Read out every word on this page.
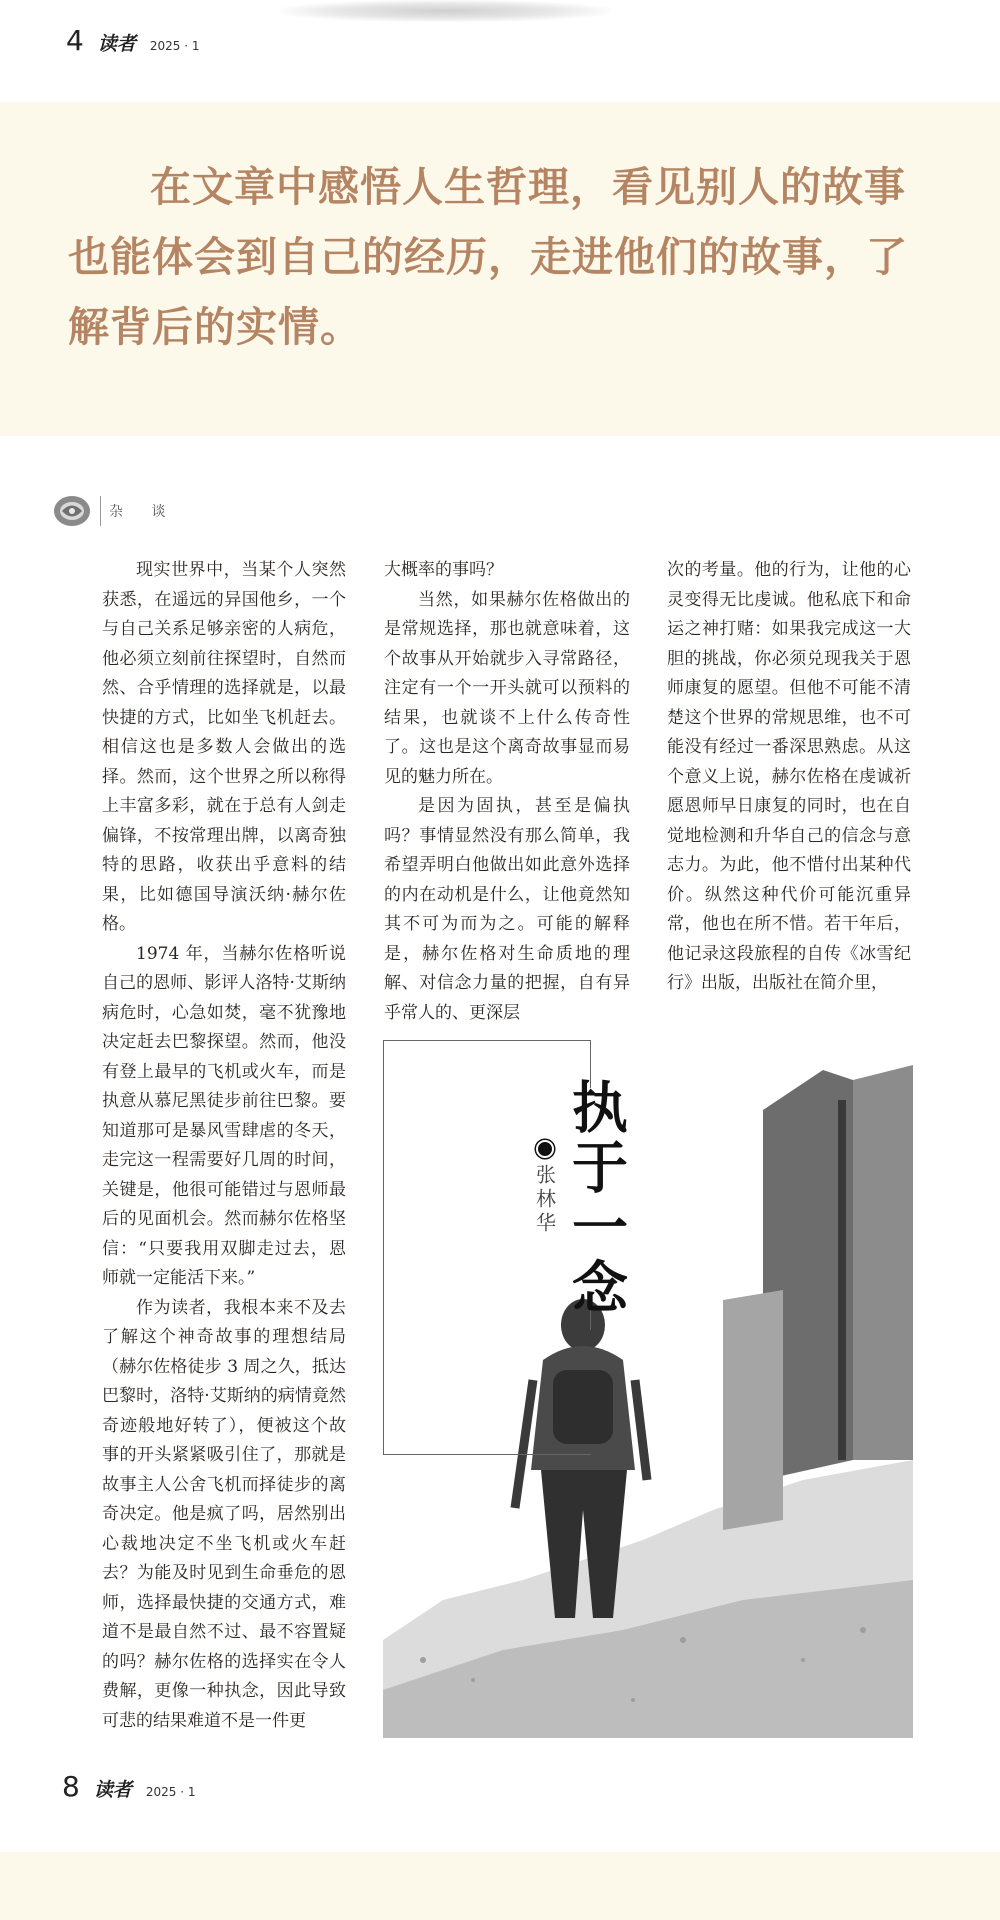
4 读者 2025 · 1
在文章中感悟人生哲理，看见别人的故事也能体会到自己的经历，走进他们的故事，了解背后的实情。
杂 谈

现实世界中，当某个人突然获悉，在遥远的异国他乡，一个与自己关系足够亲密的人病危，他必须立刻前往探望时，自然而然、合乎情理的选择就是，以最快捷的方式，比如坐飞机赶去。相信这也是多数人会做出的选择。然而，这个世界之所以称得上丰富多彩，就在于总有人剑走偏锋，不按常理出牌，以离奇独特的思路，收获出乎意料的结果，比如德国导演沃纳·赫尔佐格。

1974 年，当赫尔佐格听说自己的恩师、影评人洛特·艾斯纳病危时，心急如焚，毫不犹豫地决定赶去巴黎探望。然而，他没有登上最早的飞机或火车，而是执意从慕尼黑徒步前往巴黎。要知道那可是暴风雪肆虐的冬天，走完这一程需要好几周的时间，关键是，他很可能错过与恩师最后的见面机会。然而赫尔佐格坚信：“只要我用双脚走过去，恩师就一定能活下来。”

作为读者，我根本来不及去了解这个神奇故事的理想结局（赫尔佐格徒步 3 周之久，抵达巴黎时，洛特·艾斯纳的病情竟然奇迹般地好转了），便被这个故事的开头紧紧吸引住了，那就是故事主人公舍飞机而择徒步的离奇决定。他是疯了吗，居然别出心裁地决定不坐飞机或火车赶去？为能及时见到生命垂危的恩师，选择最快捷的交通方式，难道不是最自然不过、最不容置疑的吗？赫尔佐格的选择实在令人费解，更像一种执念，因此导致可悲的结果难道不是一件更

大概率的事吗？

当然，如果赫尔佐格做出的是常规选择，那也就意味着，这个故事从开始就步入寻常路径，注定有一个一开头就可以预料的结果，也就谈不上什么传奇性了。这也是这个离奇故事显而易见的魅力所在。

是因为固执，甚至是偏执吗？事情显然没有那么简单，我希望弄明白他做出如此意外选择的内在动机是什么，让他竟然知其不可为而为之。可能的解释是，赫尔佐格对生命质地的理解、对信念力量的把握，自有异乎常人的、更深层

次的考量。他的行为，让他的心灵变得无比虔诚。他私底下和命运之神打赌：如果我完成这一大胆的挑战，你必须兑现我关于恩师康复的愿望。但他不可能不清楚这个世界的常规思维，也不可能没有经过一番深思熟虑。从这个意义上说，赫尔佐格在虔诚祈愿恩师早日康复的同时，也在自觉地检测和升华自己的信念与意志力。为此，他不惜付出某种代价。纵然这种代价可能沉重异常，他也在所不惜。若干年后，他记录这段旅程的自传《冰雪纪行》出版，出版社在简介里，

执于一念
张林华
8 读者 2025 · 1
